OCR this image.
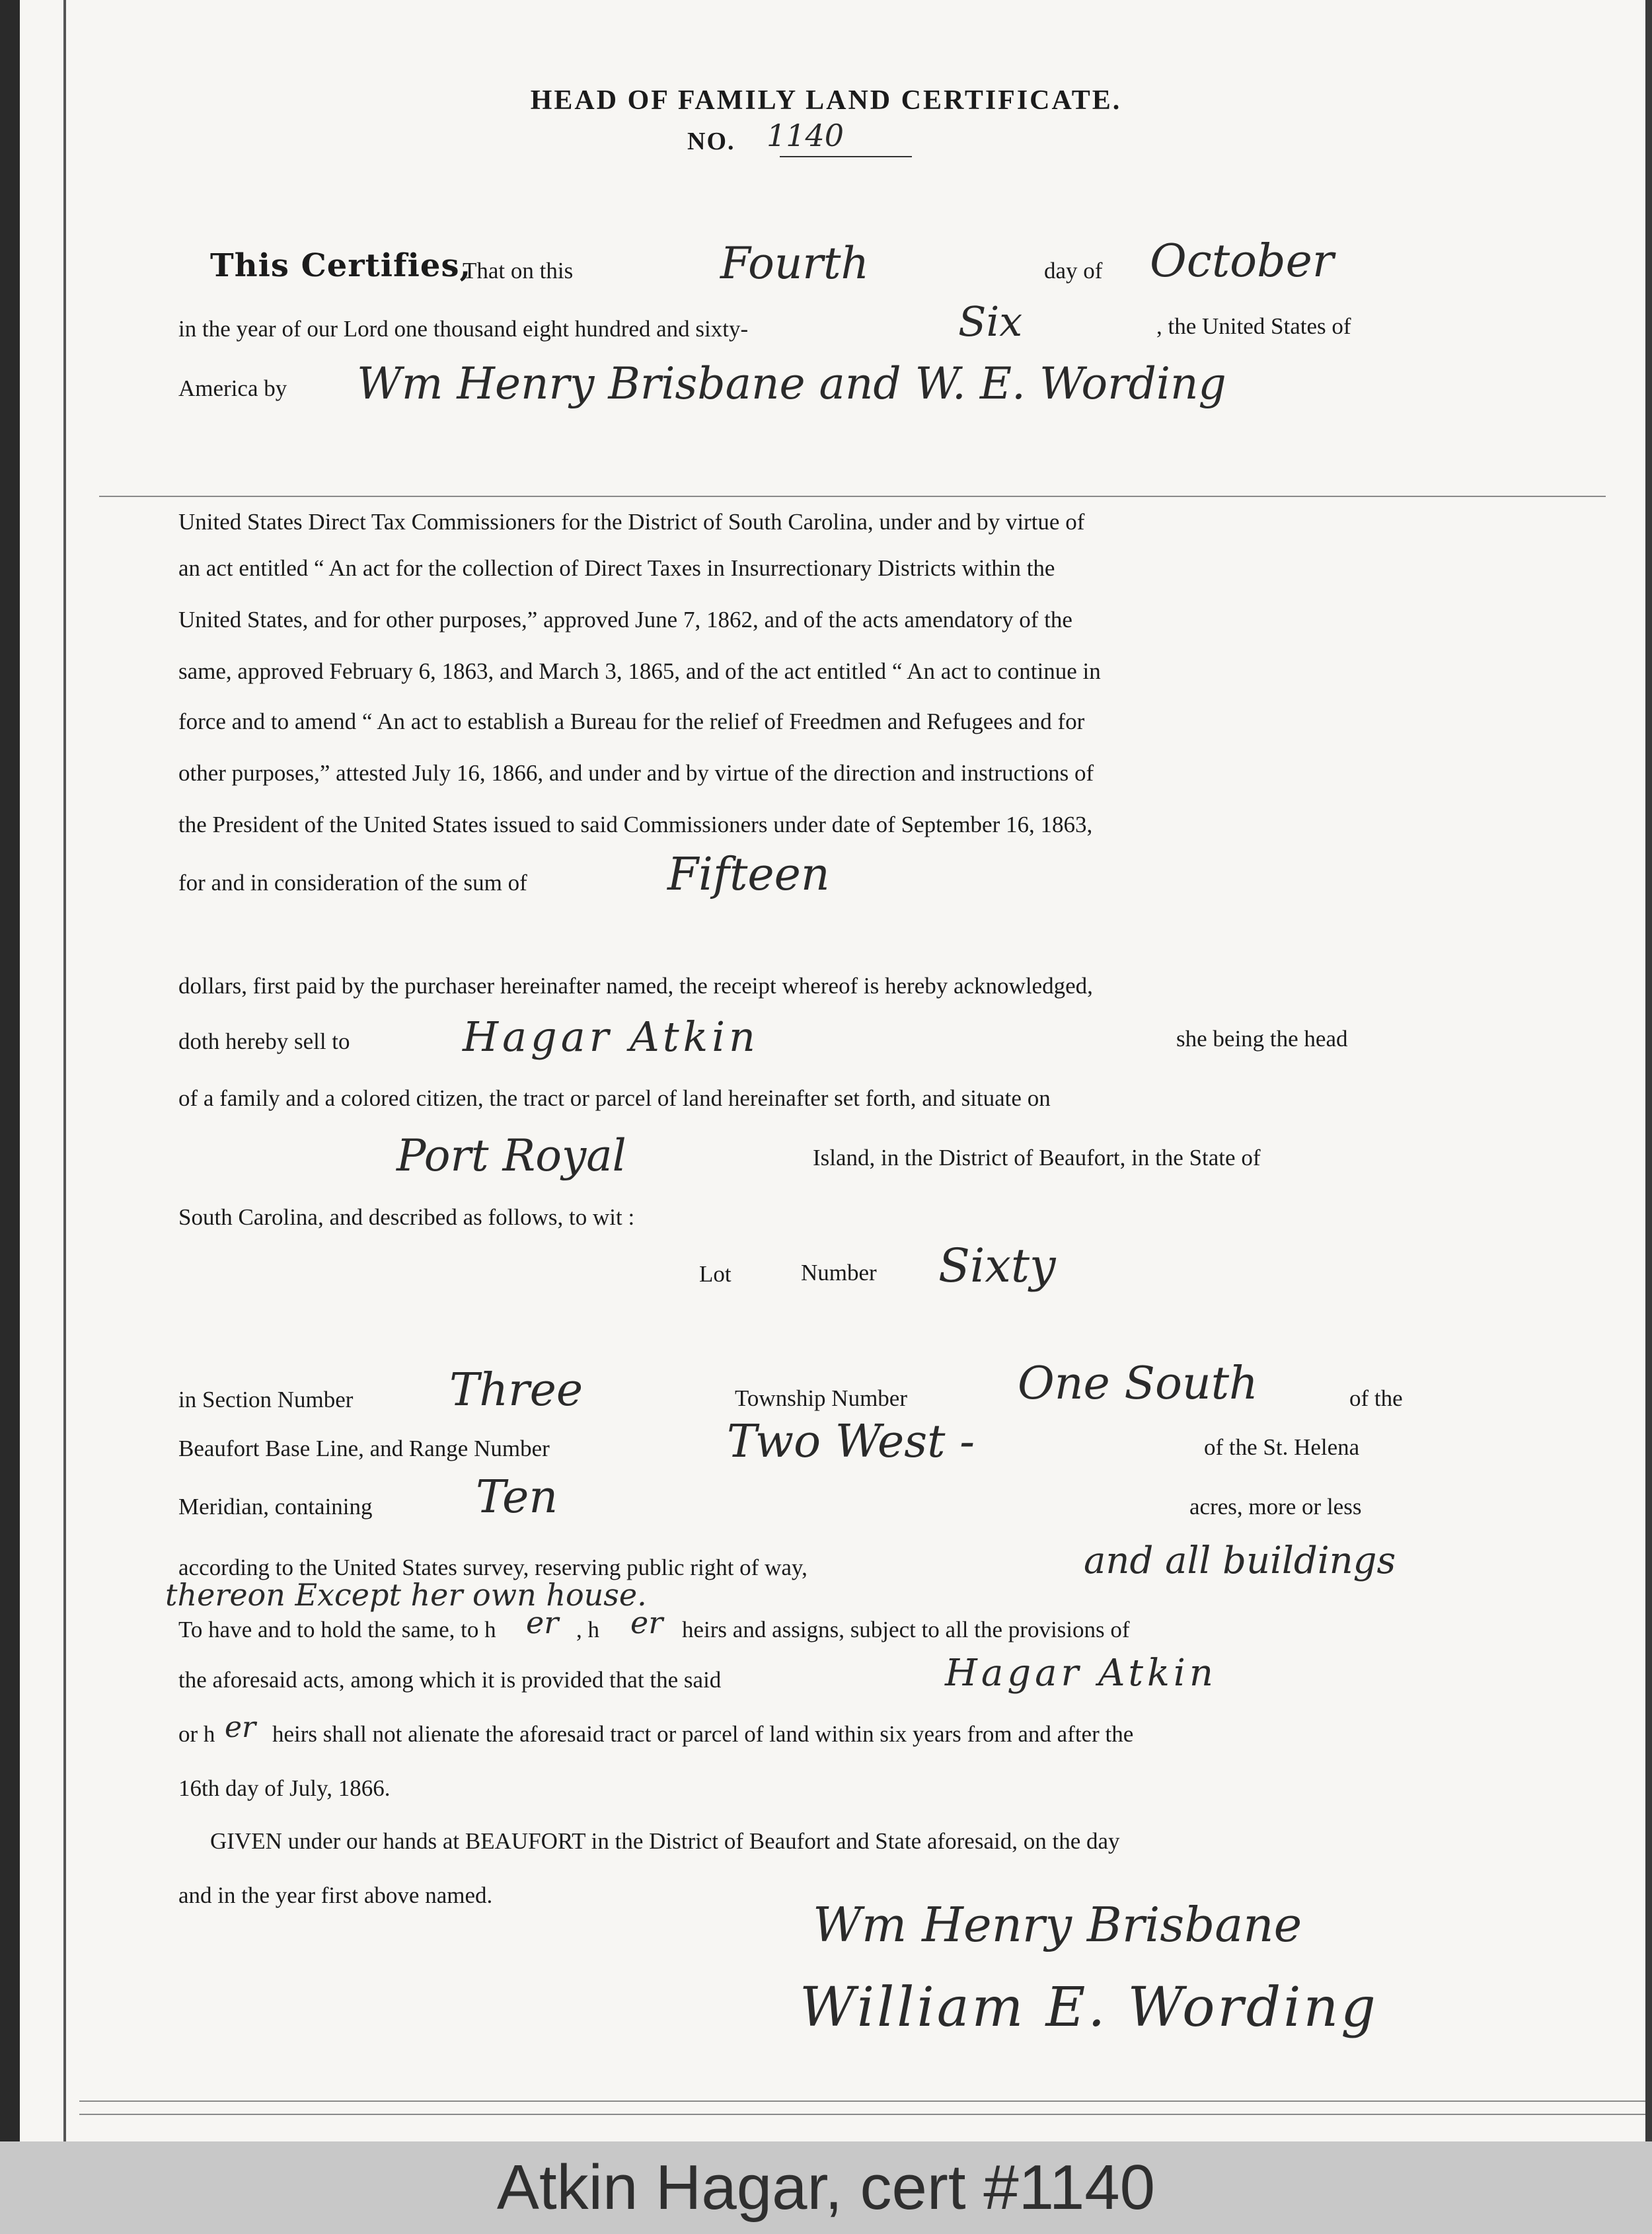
HEAD OF FAMILY LAND CERTIFICATE.
NO. 1140
This Certifies,
That on this	Fourth	day of October
in the year of our Lord one thousand eight hundred and sixty-	Six	, the United States of
America by Wm Henry Brisbane and W. E. Wording
United States Direct Tax Commissioners for the District of South Carolina, under and by virtue of
an act entitled “ An act for the collection of Direct Taxes in Insurrectionary Districts within the
United States, and for other purposes,” approved June 7, 1862, and of the acts amendatory of the
same, approved February 6, 1863, and March 3, 1865, and of the act entitled “ An act to continue in
force and to amend “ An act to establish a Bureau for the relief of Freedmen and Refugees and for
other purposes,” attested July 16, 1866, and under and by virtue of the direction and instructions of
the President of the United States issued to said Commissioners under date of September 16, 1863,
for and in consideration of the sum of	Fifteen
dollars, first paid by the purchaser hereinafter named, the receipt whereof is hereby acknowledged,
doth hereby sell to	Hagar Atkin	she being the head
of a family and a colored citizen, the tract or parcel of land hereinafter set forth, and situate on
Port Royal	Island, in the District of Beaufort, in the State of
South Carolina, and described as follows, to wit :
Lot	Number Sixty
in Section Number Three	Township Number One South	of the
Beaufort Base Line, and Range Number	Two West -	of the St. Helena
Meridian, containing Ten	acres, more or less
according to the United States survey, reserving public right of way,	and all buildings
thereon Except her own house.
To have and to hold the same, to h er , h er heirs and assigns, subject to all the provisions of
the aforesaid acts, among which it is provided that the said	Hagar Atkin
or h er heirs shall not alienate the aforesaid tract or parcel of land within six years from and after the
16th day of July, 1866.
GIVEN under our hands at BEAUFORT in the District of Beaufort and State aforesaid, on the day
and in the year first above named.
Wm Henry Brisbane
William E. Wording
Atkin Hagar, cert #1140
